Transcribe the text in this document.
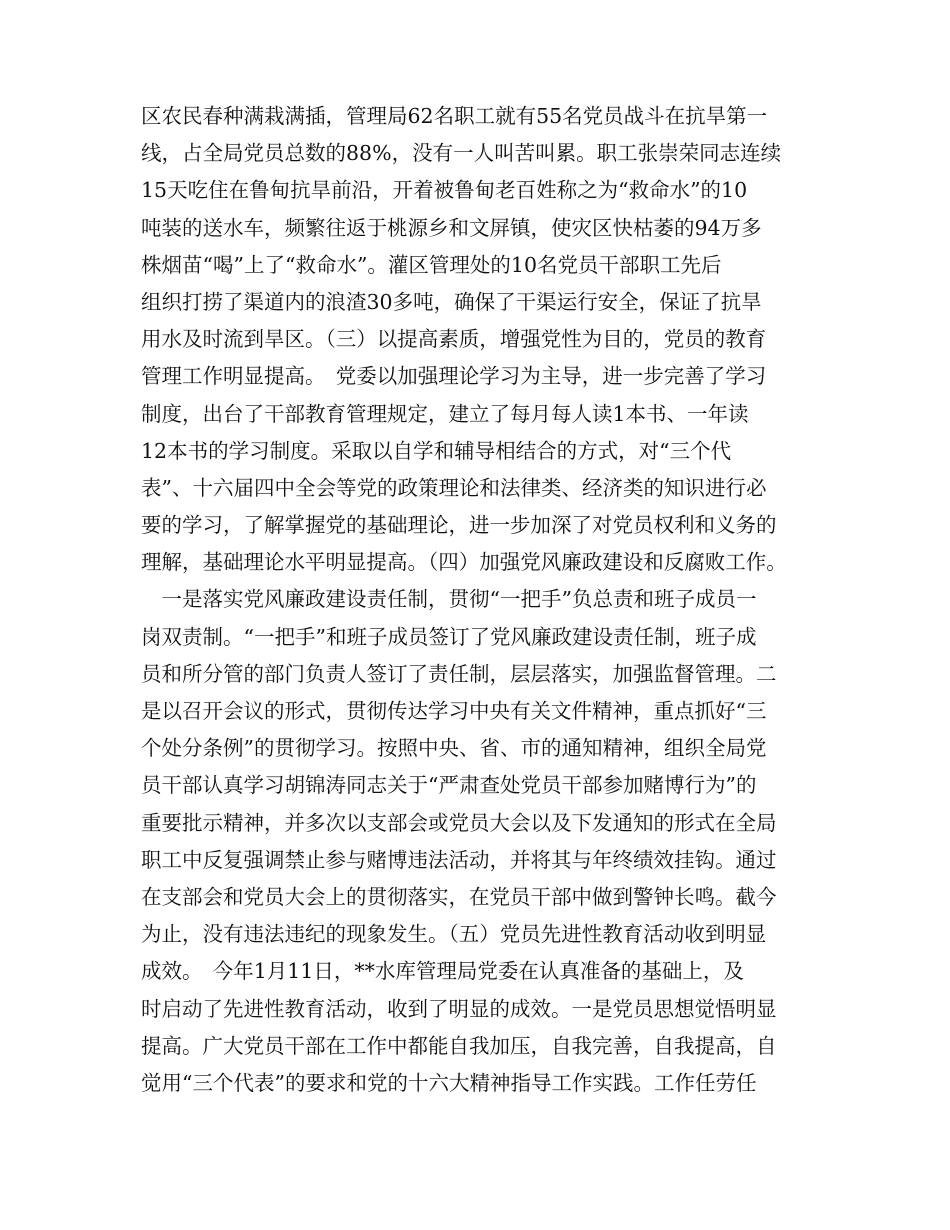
区农民春种满栽满插，管理局62名职工就有55名党员战斗在抗旱第一
线，占全局党员总数的88%，没有一人叫苦叫累。职工张崇荣同志连续
15天吃住在鲁甸抗旱前沿，开着被鲁甸老百姓称之为“救命水”的10
吨装的送水车，频繁往返于桃源乡和文屏镇，使灾区快枯萎的94万多
株烟苗“喝”上了“救命水”。灌区管理处的10名党员干部职工先后
组织打捞了渠道内的浪渣30多吨，确保了干渠运行安全，保证了抗旱
用水及时流到旱区。（三）以提高素质，增强党性为目的，党员的教育
管理工作明显提高。　党委以加强理论学习为主导，进一步完善了学习
制度，出台了干部教育管理规定，建立了每月每人读1本书、一年读
12本书的学习制度。采取以自学和辅导相结合的方式，对“三个代
表”、十六届四中全会等党的政策理论和法律类、经济类的知识进行必
要的学习，了解掌握党的基础理论，进一步加深了对党员权利和义务的
理解，基础理论水平明显提高。（四）加强党风廉政建设和反腐败工作。
　一是落实党风廉政建设责任制，贯彻“一把手”负总责和班子成员一
岗双责制。“一把手”和班子成员签订了党风廉政建设责任制，班子成
员和所分管的部门负责人签订了责任制，层层落实，加强监督管理。二
是以召开会议的形式，贯彻传达学习中央有关文件精神，重点抓好“三
个处分条例”的贯彻学习。按照中央、省、市的通知精神，组织全局党
员干部认真学习胡锦涛同志关于“严肃查处党员干部参加赌博行为”的
重要批示精神，并多次以支部会或党员大会以及下发通知的形式在全局
职工中反复强调禁止参与赌博违法活动，并将其与年终绩效挂钩。通过
在支部会和党员大会上的贯彻落实，在党员干部中做到警钟长鸣。截今
为止，没有违法违纪的现象发生。（五）党员先进性教育活动收到明显
成效。　今年1月11日，**水库管理局党委在认真准备的基础上，及
时启动了先进性教育活动，收到了明显的成效。一是党员思想觉悟明显
提高。广大党员干部在工作中都能自我加压，自我完善，自我提高，自
觉用“三个代表”的要求和党的十六大精神指导工作实践。工作任劳任
